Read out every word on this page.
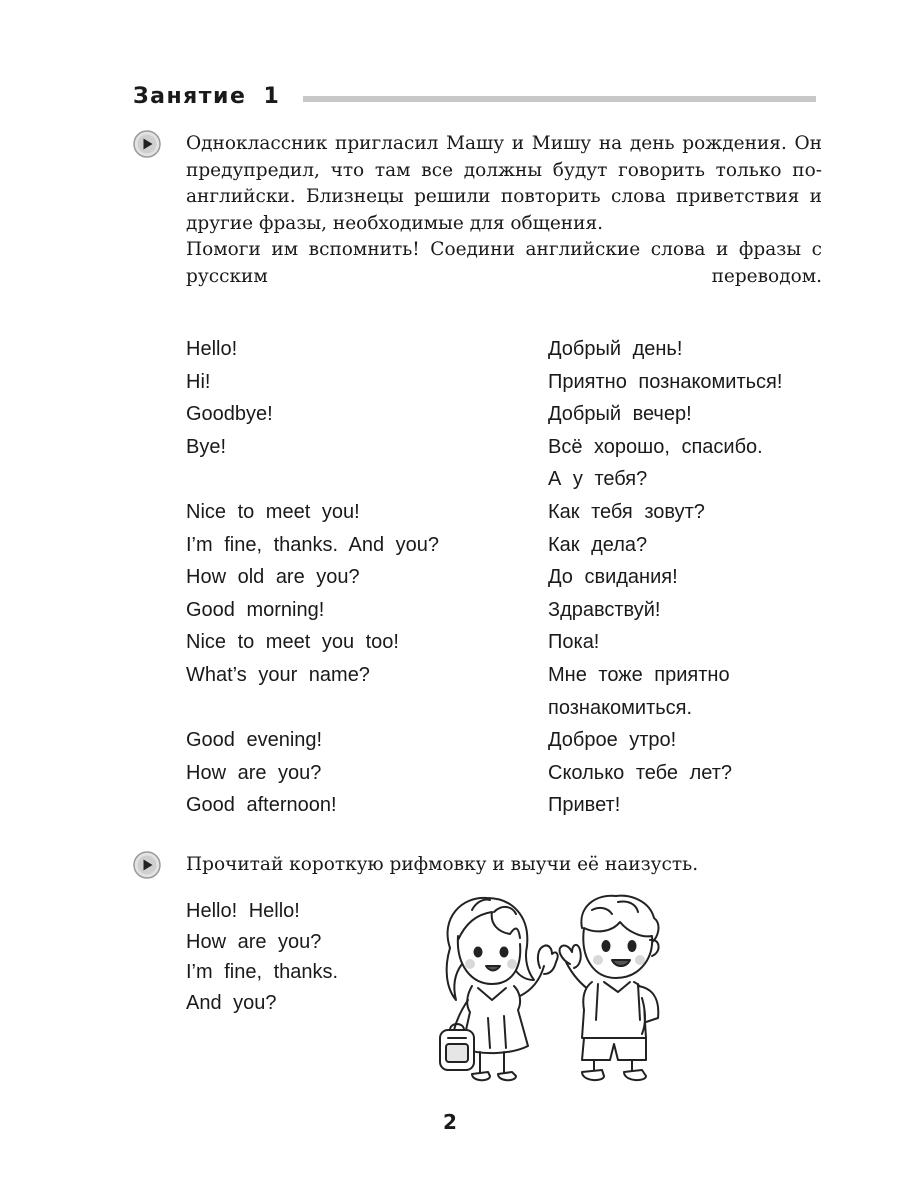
Занятие 1

Одноклассник пригласил Машу и Мишу на день рождения. Он предупредил, что там все должны будут говорить только по-английски. Близнецы решили повторить слова приветствия и другие фразы, необходимые для общения.

Помоги им вспомнить! Соедини английские слова и фразы с русским переводом.

Hello!
Hi!
Goodbye!
Bye!
Nice to meet you!
I’m fine, thanks. And you?
How old are you?
Good morning!
Nice to meet you too!
What’s your name?
Good evening!
How are you?
Good afternoon!
Добрый день!
Приятно познакомиться!
Добрый вечер!
Всё хорошо, спасибо.
А у тебя?
Как тебя зовут?
Как дела?
До свидания!
Здравствуй!
Пока!
Мне тоже приятно
познакомиться.
Доброе утро!
Сколько тебе лет?
Привет!

Прочитай короткую рифмовку и выучи её наизусть.

Hello! Hello!
How are you?
I’m fine, thanks.
And you?
2
